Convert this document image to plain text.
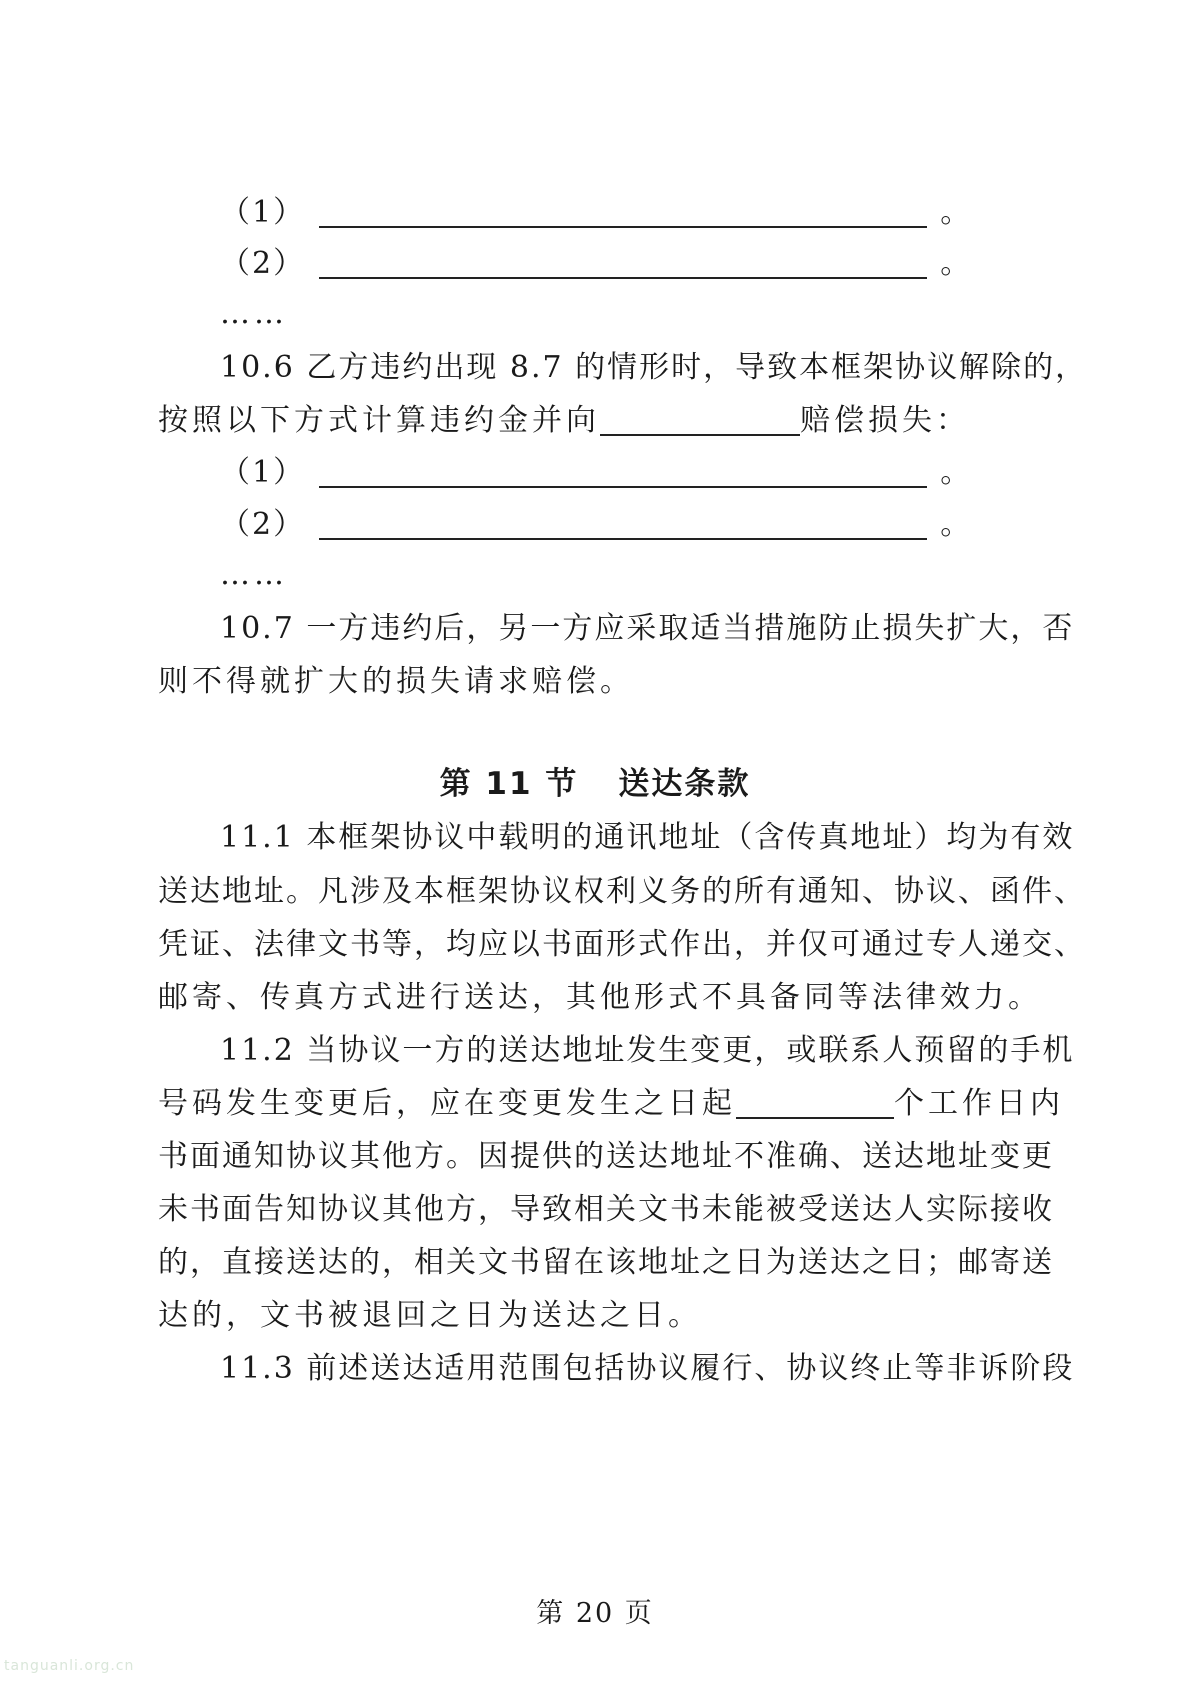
（1）	。
（2）	。
……
10.6 乙方违约出现 8.7 的情形时，导致本框架协议解除的，
按照以下方式计算违约金并向	赔偿损失：
（1）	。
（2）	。
……
10.7 一方违约后，另一方应采取适当措施防止损失扩大，否
则不得就扩大的损失请求赔偿。
第 11 节 送达条款
11.1 本框架协议中载明的通讯地址（含传真地址）均为有效
送达地址。凡涉及本框架协议权利义务的所有通知、协议、函件、
凭证、法律文书等，均应以书面形式作出，并仅可通过专人递交、
邮寄、传真方式进行送达，其他形式不具备同等法律效力。
11.2 当协议一方的送达地址发生变更，或联系人预留的手机
号码发生变更后，应在变更发生之日起	个工作日内
书面通知协议其他方。因提供的送达地址不准确、送达地址变更
未书面告知协议其他方，导致相关文书未能被受送达人实际接收
的，直接送达的，相关文书留在该地址之日为送达之日；邮寄送
达的，文书被退回之日为送达之日。
11.3 前述送达适用范围包括协议履行、协议终止等非诉阶段
第 20 页
tanguanli.org.cn
